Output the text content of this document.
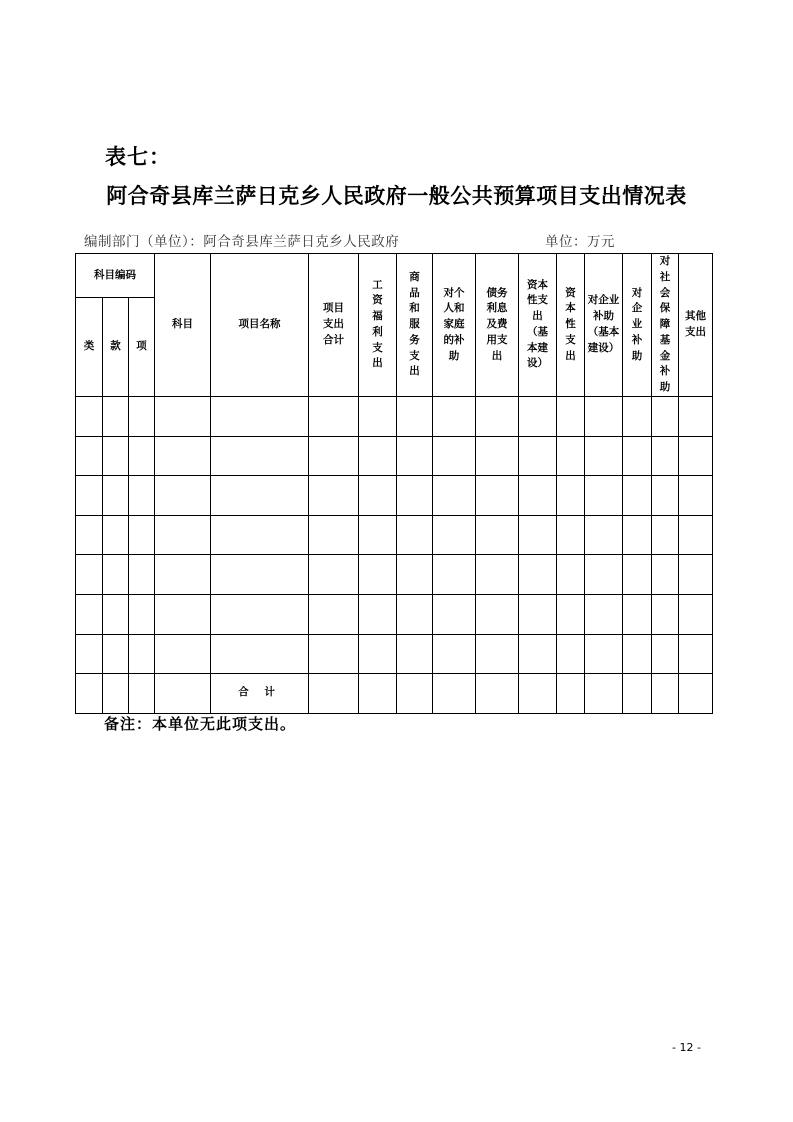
表七：
阿合奇县库兰萨日克乡人民政府一般公共预算项目支出情况表
编制部门（单位）：阿合奇县库兰萨日克乡人民政府	单位：万元
科目编码			科目	项目名称	项目支出合计	工资福利支出	商品和服务支出	对个人和家庭的补助	债务利息及费用支出	资本性支出（基本建设）	资本性支出	对企业补助（基本建设）	对企业补助	对社会保障基金补助	其他支出
类	款	项													

				合 计											
备注：本单位无此项支出。
- 12 -
